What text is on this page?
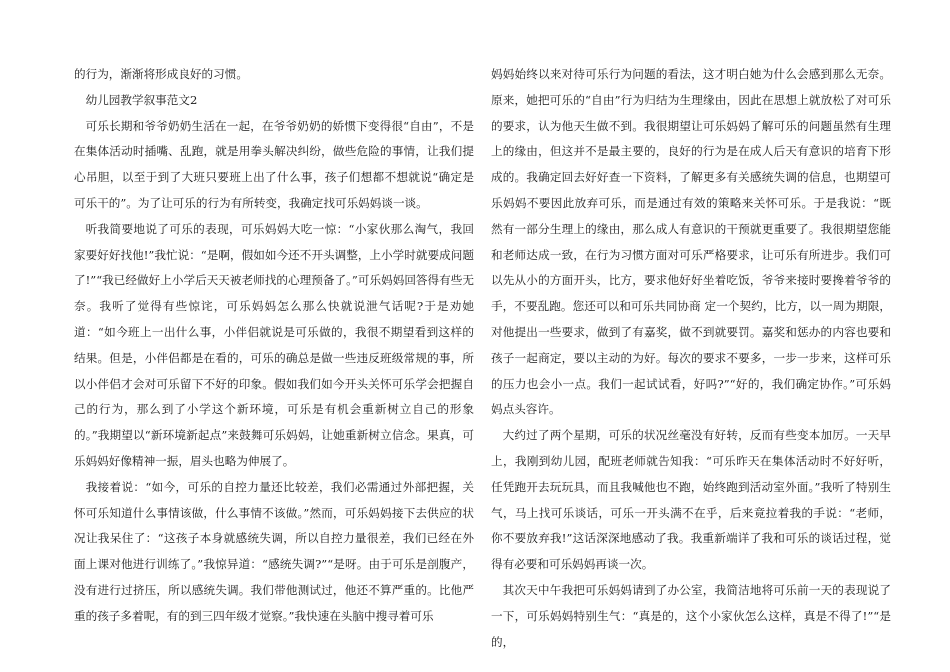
的行为，渐渐将形成良好的习惯。

幼儿园教学叙事范文2

可乐长期和爷爷奶奶生活在一起，在爷爷奶奶的娇惯下变得很“自由”，不是在集体活动时插嘴、乱跑，就是用拳头解决纠纷，做些危险的事情，让我们提心吊胆，以至于到了大班只要班上出了什么事，孩子们想都不想就说“确定是可乐干的”。为了让可乐的行为有所转变，我确定找可乐妈妈谈一谈。

听我简要地说了可乐的表现，可乐妈妈大吃一惊：“小家伙那么淘气，我回家要好好找他!”我忙说：“是啊，假如如今还不开头调整，上小学时就要成问题了!”“我已经做好上小学后天天被老师找的心理预备了。”可乐妈妈回答得有些无奈。我听了觉得有些惊诧，可乐妈妈怎么那么快就说泄气话呢?于是劝她道：“如今班上一出什么事，小伴侣就说是可乐做的，我很不期望看到这样的结果。但是，小伴侣都是在看的，可乐的确总是做一些违反班级常规的事，所以小伴侣才会对可乐留下不好的印象。假如我们如今开头关怀可乐学会把握自己的行为，那么到了小学这个新环境，可乐是有机会重新树立自己的形象的。”我期望以“新环境新起点”来鼓舞可乐妈妈，让她重新树立信念。果真，可乐妈妈好像精神一振，眉头也略为伸展了。

我接着说：“如今，可乐的自控力量还比较差，我们必需通过外部把握，关怀可乐知道什么事情该做，什么事情不该做。”然而，可乐妈妈接下去供应的状况让我呆住了：“这孩子本身就感统失调，所以自控力量很差，我们已经在外面上课对他进行训练了。”我惊异道：“感统失调?”“是呀。由于可乐是剖腹产，没有进行过挤压，所以感统失调。我们带他测试过，他还不算严重的。比他严重的孩子多着呢，有的到三四年级才觉察。”我快速在头脑中搜寻着可乐

妈妈始终以来对待可乐行为问题的看法，这才明白她为什么会感到那么无奈。原来，她把可乐的“自由”行为归结为生理缘由，因此在思想上就放松了对可乐的要求，认为他天生做不到。我很期望让可乐妈妈了解可乐的问题虽然有生理上的缘由，但这并不是最主要的，良好的行为是在成人后天有意识的培育下形成的。我确定回去好好查一下资料，了解更多有关感统失调的信息，也期望可乐妈妈不要因此放弃可乐，而是通过有效的策略来关怀可乐。于是我说：“既然有一部分生理上的缘由，那么成人有意识的干预就更重要了。我很期望您能和老师达成一致，在行为习惯方面对可乐严格要求，让可乐有所进步。我们可以先从小的方面开头，比方，要求他好好坐着吃饭，爷爷来接时要搀着爷爷的手，不要乱跑。您还可以和可乐共同协商 定一个契约，比方，以一周为期限，对他提出一些要求，做到了有嘉奖，做不到就要罚。嘉奖和惩办的内容也要和孩子一起商定，要以主动的为好。每次的要求不要多，一步一步来，这样可乐的压力也会小一点。我们一起试试看，好吗?”“好的，我们确定协作。”可乐妈妈点头容许。

大约过了两个星期，可乐的状况丝毫没有好转，反而有些变本加厉。一天早上，我刚到幼儿园，配班老师就告知我：“可乐昨天在集体活动时不好好听，任凭跑开去玩玩具，而且我喊他也不跑，始终跑到活动室外面。”我听了特别生气，马上找可乐谈话，可乐一开头满不在乎，后来竟拉着我的手说：“老师，你不要放弃我!”这话深深地感动了我。我重新端详了我和可乐的谈话过程，觉得有必要和可乐妈妈再谈一次。

其次天中午我把可乐妈妈请到了办公室，我简洁地将可乐前一天的表现说了一下，可乐妈妈特别生气：“真是的，这个小家伙怎么这样，真是不得了!”“是的，
